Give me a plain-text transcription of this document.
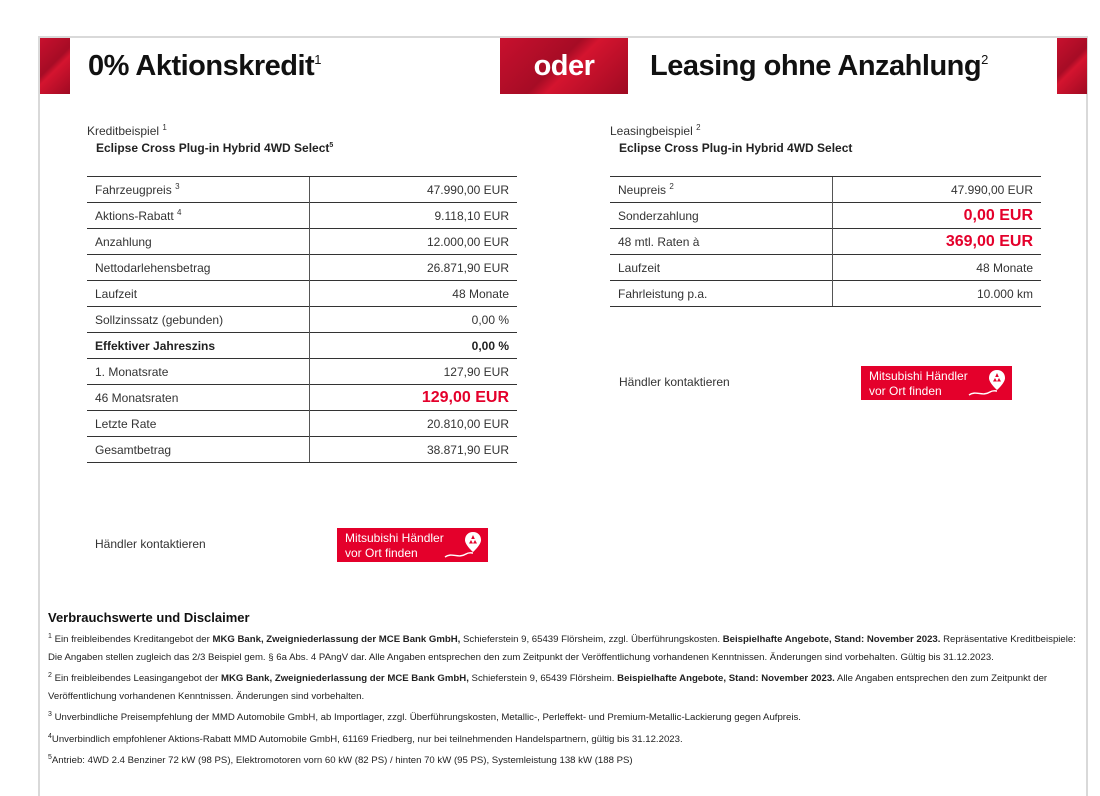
oder
0% Aktionskredit$^1$	Leasing ohne Anzahlung$^2$
Kreditbeispiel $^1$
Eclipse Cross Plug-in Hybrid 4WD Select$^5$
Fahrzeugpreis $^3$	47.990,00 EUR
Aktions-Rabatt $^4$	9.118,10 EUR
Anzahlung	12.000,00 EUR
Nettodarlehensbetrag	26.871,90 EUR
Laufzeit	48 Monate
Sollzinssatz (gebunden)	0,00 %
Effektiver Jahreszins	0,00 %
1. Monatsrate	127,90 EUR
46 Monatsraten	129,00 EUR
Letzte Rate	20.810,00 EUR
Gesamtbetrag	38.871,90 EUR
Händler kontaktieren	Mitsubishi Händler
vor Ort finden
Leasingbeispiel $^2$
Eclipse Cross Plug-in Hybrid 4WD Select
Neupreis $^2$	47.990,00 EUR
Sonderzahlung	0,00 EUR
48 mtl. Raten à	369,00 EUR
Laufzeit	48 Monate
Fahrleistung p.a.	10.000 km
Händler kontaktieren	Mitsubishi Händler
vor Ort finden
Verbrauchswerte und Disclaimer

$^1$ Ein freibleibendes Kreditangebot der MKG Bank, Zweigniederlassung der MCE Bank GmbH, Schieferstein 9, 65439 Flörsheim, zzgl. Überführungskosten. Beispielhafte Angebote, Stand: November 2023. Repräsentative Kreditbeispiele: Die Angaben stellen zugleich das 2/3 Beispiel gem. § 6a Abs. 4 PAngV dar. Alle Angaben entsprechen den zum Zeitpunkt der Veröffentlichung vorhandenen Kenntnissen. Änderungen sind vorbehalten. Gültig bis 31.12.2023.

$^2$ Ein freibleibendes Leasingangebot der MKG Bank, Zweigniederlassung der MCE Bank GmbH, Schieferstein 9, 65439 Flörsheim. Beispielhafte Angebote, Stand: November 2023. Alle Angaben entsprechen den zum Zeitpunkt der Veröffentlichung vorhandenen Kenntnissen. Änderungen sind vorbehalten.

$^3$ Unverbindliche Preisempfehlung der MMD Automobile GmbH, ab Importlager, zzgl. Überführungskosten, Metallic-, Perleffekt- und Premium-Metallic-Lackierung gegen Aufpreis.

$^4$Unverbindlich empfohlener Aktions-Rabatt MMD Automobile GmbH, 61169 Friedberg, nur bei teilnehmenden Handelspartnern, gültig bis 31.12.2023.

$^5$Antrieb: 4WD 2.4 Benziner 72 kW (98 PS), Elektromotoren vorn 60 kW (82 PS) / hinten 70 kW (95 PS), Systemleistung 138 kW (188 PS)
